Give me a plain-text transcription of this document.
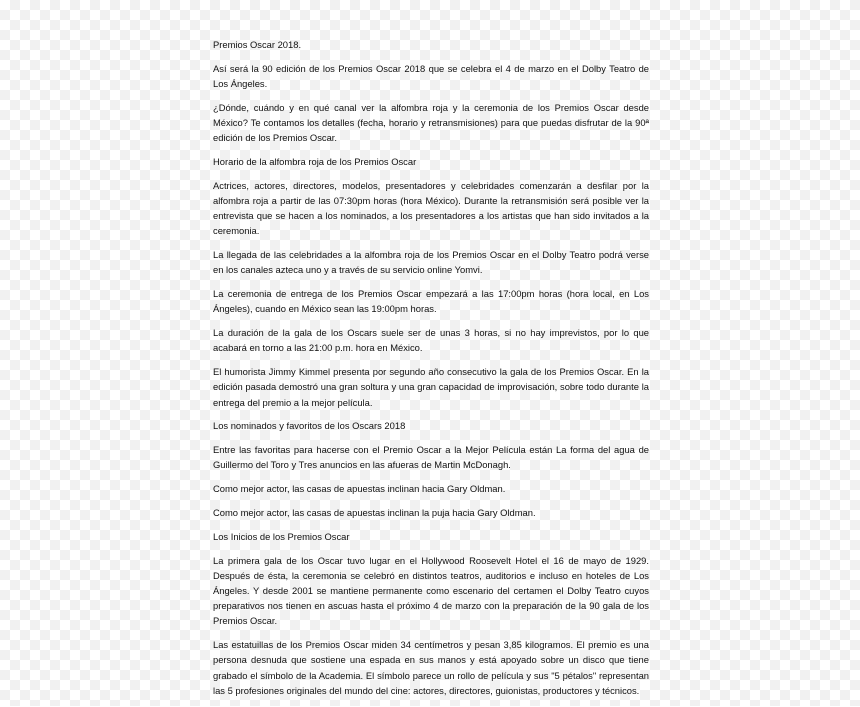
Premios Oscar 2018.

Así será la 90 edición de los Premios Oscar 2018 que se celebra el 4 de marzo en el Dolby Teatro de Los Ángeles.

¿Dónde, cuándo y en qué canal ver la alfombra roja y la ceremonia de los Premios Oscar desde México? Te contamos los detalles (fecha, horario y retransmisiones) para que puedas disfrutar de la 90ª edición de los Premios Oscar.

Horario de la alfombra roja de los Premios Oscar

Actrices, actores, directores, modelos, presentadores y celebridades comenzarán a desfilar por la alfombra roja a partir de las 07:30pm horas (hora México). Durante la retransmisión será posible ver la entrevista que se hacen a los nominados, a los presentadores a los artistas que han sido invitados a la ceremonia.

La llegada de las celebridades a la alfombra roja de los Premios Oscar en el Dolby Teatro podrá verse en los canales azteca uno y a través de su servicio online Yomvi.

La ceremonia de entrega de los Premios Oscar empezará a las 17:00pm horas (hora local, en Los Ángeles), cuando en México sean las 19:00pm horas.

La duración de la gala de los Oscars suele ser de unas 3 horas, si no hay imprevistos, por lo que acabará en torno a las 21:00 p.m. hora en México.

El humorista Jimmy Kimmel presenta por segundo año consecutivo la gala de los Premios Oscar. En la edición pasada demostró una gran soltura y una gran capacidad de improvisación, sobre todo durante la entrega del premio a la mejor película.

Los nominados y favoritos de los Oscars 2018

Entre las favoritas para hacerse con el Premio Oscar a la Mejor Película están La forma del agua de Guillermo del Toro y Tres anuncios en las afueras de Martin McDonagh.

Como mejor actor, las casas de apuestas inclinan hacia Gary Oldman.

Como mejor actor, las casas de apuestas inclinan la puja hacia Gary Oldman.

Los Inicios de los Premios Oscar

La primera gala de los Oscar tuvo lugar en el Hollywood Roosevelt Hotel el 16 de mayo de 1929. Después de ésta, la ceremonia se celebró en distintos teatros, auditorios e incluso en hoteles de Los Ángeles. Y desde 2001 se mantiene permanente como escenario del certamen el Dolby Teatro cuyos preparativos nos tienen en ascuas hasta el próximo 4 de marzo con la preparación de la 90 gala de los Premios Oscar.

Las estatuillas de los Premios Oscar miden 34 centímetros y pesan 3,85 kilogramos. El premio es una persona desnuda que sostiene una espada en sus manos y está apoyado sobre un disco que tiene grabado el símbolo de la Academia. El símbolo parece un rollo de película y sus "5 pétalos" representan las 5 profesiones originales del mundo del cine: actores, directores, guionistas, productores y técnicos.
